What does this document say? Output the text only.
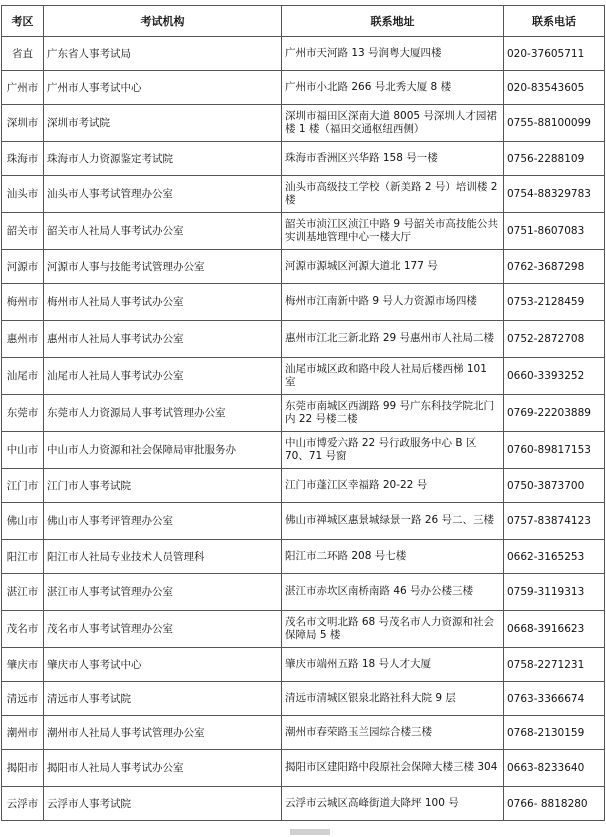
考区	考试机构	联系地址	联系电话
省直	广东省人事考试局	广州市天河路 13 号润粤大厦四楼	020-37605711
广州市	广州市人事考试中心	广州市小北路 266 号北秀大厦 8 楼	020-83543605
深圳市	深圳市考试院	深圳市福田区深南大道 8005 号深圳人才园裙楼 1 楼（福田交通枢纽西侧）	0755-88100099
珠海市	珠海市人力资源鉴定考试院	珠海市香洲区兴华路 158 号一楼	0756-2288109
汕头市	汕头市人事考试管理办公室	汕头市高级技工学校（新美路 2 号）培训楼 2 楼	0754-88329783
韶关市	韶关市人社局人事考试办公室	韶关市浈江区浈江中路 9 号韶关市高技能公共实训基地管理中心一楼大厅	0751-8607083
河源市	河源市人事与技能考试管理办公室	河源市源城区河源大道北 177 号	0762-3687298
梅州市	梅州市人社局人事考试办公室	梅州市江南新中路 9 号人力资源市场四楼	0753-2128459
惠州市	惠州市人社局人事考试办公室	惠州市江北三新北路 29 号惠州市人社局二楼	0752-2872708
汕尾市	汕尾市人社局人事考试办公室	汕尾市城区政和路中段人社局后楼西梯 101 室	0660-3393252
东莞市	东莞市人力资源局人事考试管理办公室	东莞市南城区西湖路 99 号广东科技学院北门内 22 号楼二楼	0769-22203889
中山市	中山市人力资源和社会保障局审批服务办	中山市博爱六路 22 号行政服务中心 B 区 70、71 号窗	0760-89817153
江门市	江门市人事考试院	江门市蓬江区幸福路 20-22 号	0750-3873700
佛山市	佛山市人事考评管理办公室	佛山市禅城区惠景城绿景一路 26 号二、三楼	0757-83874123
阳江市	阳江市人社局专业技术人员管理科	阳江市二环路 208 号七楼	0662-3165253
湛江市	湛江市人事考试管理办公室	湛江市赤坎区南桥南路 46 号办公楼三楼	0759-3119313
茂名市	茂名市人事考试管理办公室	茂名市文明北路 68 号茂名市人力资源和社会保障局 5 楼	0668-3916623
肇庆市	肇庆市人事考试中心	肇庆市端州五路 18 号人才大厦	0758-2271231
清远市	清远市人事考试院	清远市清城区银泉北路社科大院 9 层	0763-3366674
潮州市	潮州市人社局人事考试管理办公室	潮州市春荣路玉兰园综合楼三楼	0768-2130159
揭阳市	揭阳市人社局人事考试办公室	揭阳市区建阳路中段原社会保障大楼三楼 304	0663-8233640
云浮市	云浮市人事考试院	云浮市云城区高峰街道大降坪 100 号	0766- 8818280
